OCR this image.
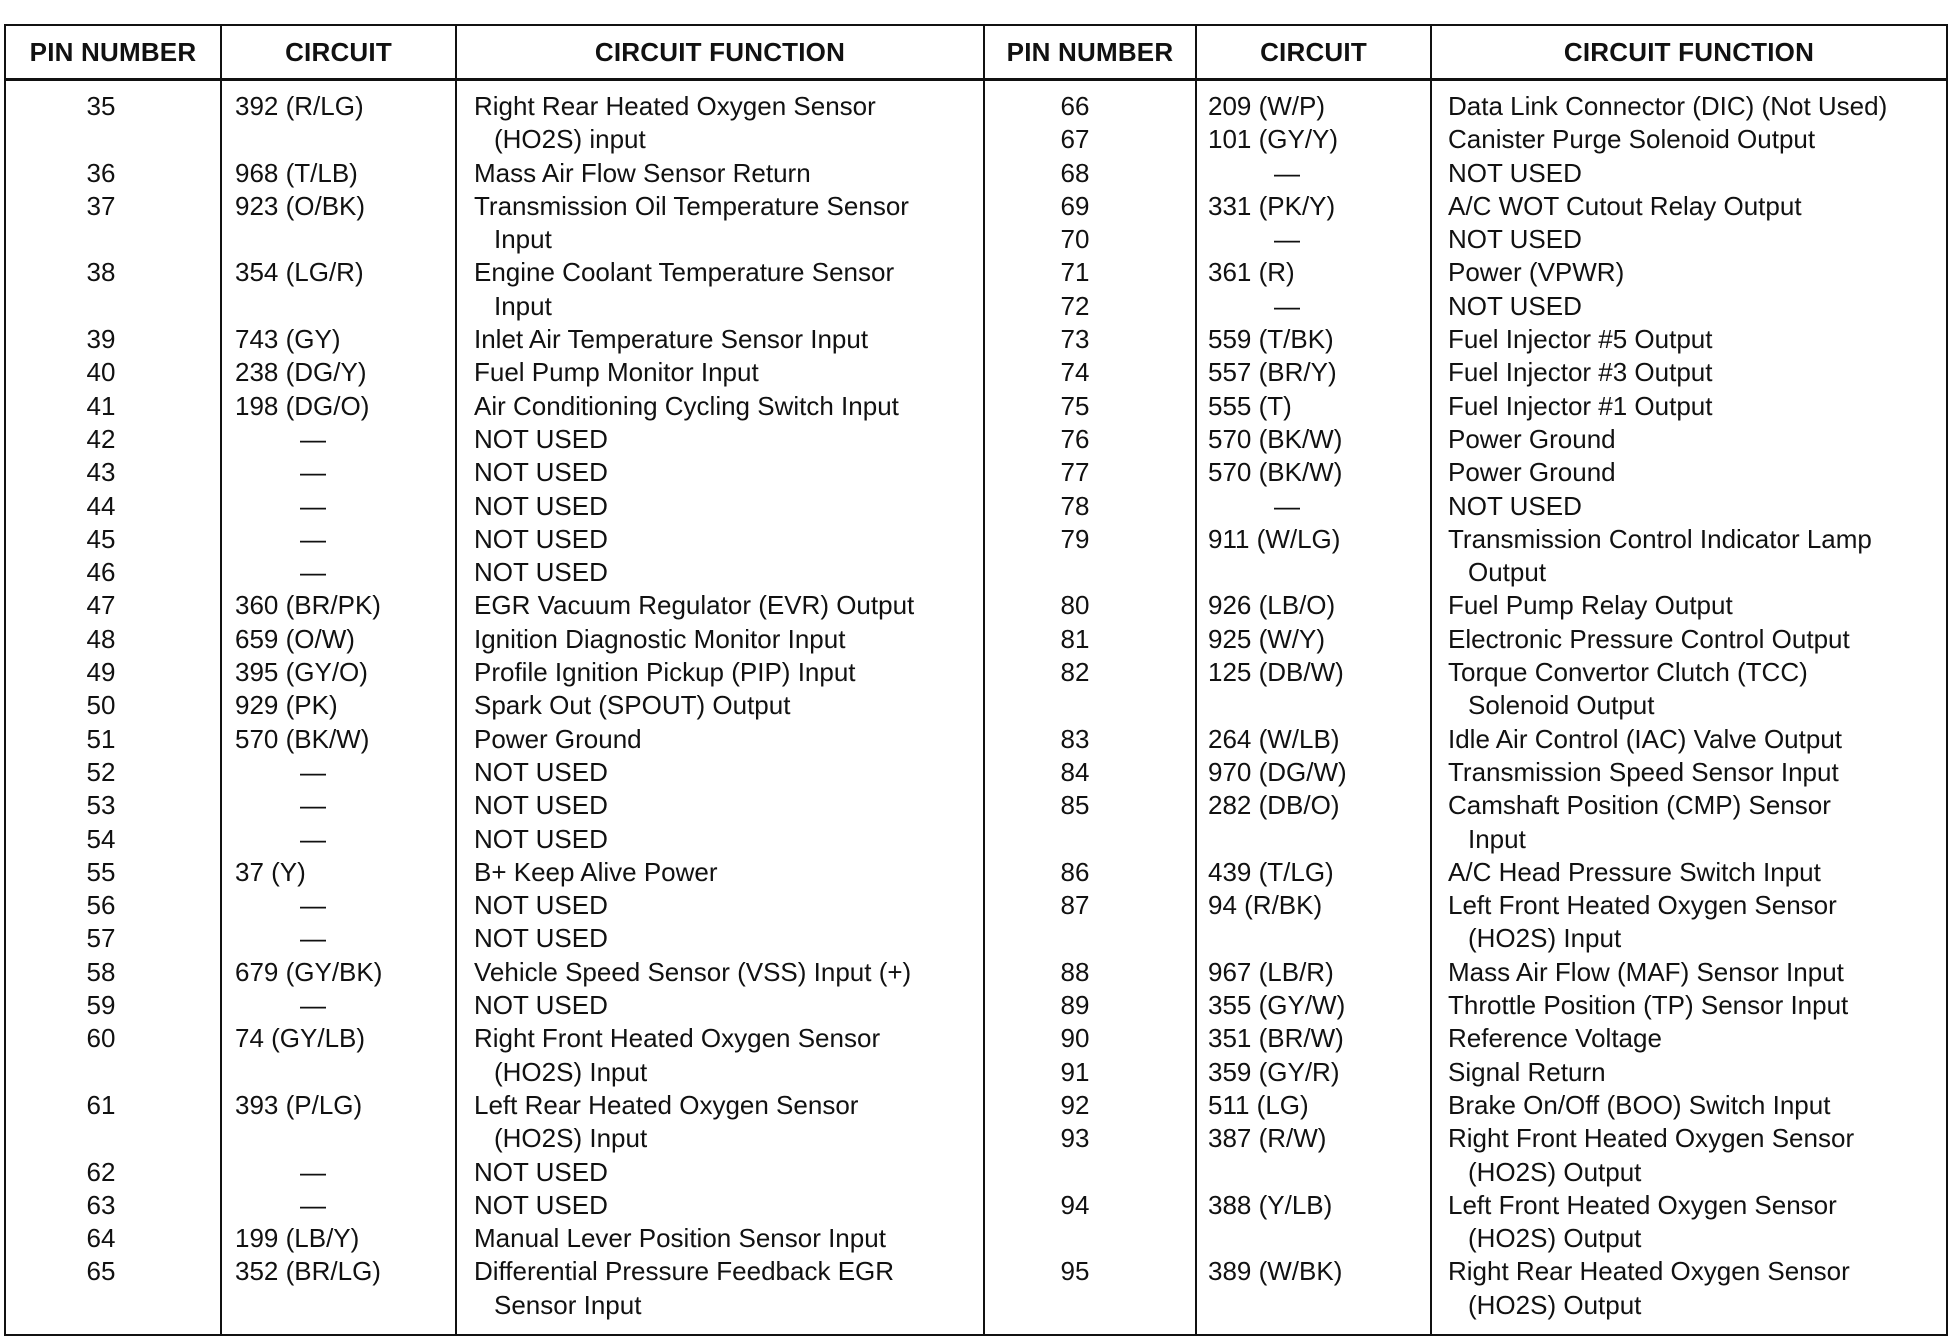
PIN NUMBER	CIRCUIT	CIRCUIT FUNCTION	PIN NUMBER	CIRCUIT	CIRCUIT FUNCTION
35	392 (R/LG)	Right Rear Heated Oxygen Sensor
(HO2S) input
36	968 (T/LB)	Mass Air Flow Sensor Return
37	923 (O/BK)	Transmission Oil Temperature Sensor
Input
38	354 (LG/R)	Engine Coolant Temperature Sensor
Input
39	743 (GY)	Inlet Air Temperature Sensor Input
40	238 (DG/Y)	Fuel Pump Monitor Input
41	198 (DG/O)	Air Conditioning Cycling Switch Input
42	—	NOT USED
43	—	NOT USED
44	—	NOT USED
45	—	NOT USED
46	—	NOT USED
47	360 (BR/PK)	EGR Vacuum Regulator (EVR) Output
48	659 (O/W)	Ignition Diagnostic Monitor Input
49	395 (GY/O)	Profile Ignition Pickup (PIP) Input
50	929 (PK)	Spark Out (SPOUT) Output
51	570 (BK/W)	Power Ground
52	—	NOT USED
53	—	NOT USED
54	—	NOT USED
55	37 (Y)	B+ Keep Alive Power
56	—	NOT USED
57	—	NOT USED
58	679 (GY/BK)	Vehicle Speed Sensor (VSS) Input (+)
59	—	NOT USED
60	74 (GY/LB)	Right Front Heated Oxygen Sensor
(HO2S) Input
61	393 (P/LG)	Left Rear Heated Oxygen Sensor
(HO2S) Input
62	—	NOT USED
63	—	NOT USED
64	199 (LB/Y)	Manual Lever Position Sensor Input
65	352 (BR/LG)	Differential Pressure Feedback EGR
Sensor Input
66	209 (W/P)	Data Link Connector (DIC) (Not Used)
67	101 (GY/Y)	Canister Purge Solenoid Output
68	—	NOT USED
69	331 (PK/Y)	A/C WOT Cutout Relay Output
70	—	NOT USED
71	361 (R)	Power (VPWR)
72	—	NOT USED
73	559 (T/BK)	Fuel Injector #5 Output
74	557 (BR/Y)	Fuel Injector #3 Output
75	555 (T)	Fuel Injector #1 Output
76	570 (BK/W)	Power Ground
77	570 (BK/W)	Power Ground
78	—	NOT USED
79	911 (W/LG)	Transmission Control Indicator Lamp
Output
80	926 (LB/O)	Fuel Pump Relay Output
81	925 (W/Y)	Electronic Pressure Control Output
82	125 (DB/W)	Torque Convertor Clutch (TCC)
Solenoid Output
83	264 (W/LB)	Idle Air Control (IAC) Valve Output
84	970 (DG/W)	Transmission Speed Sensor Input
85	282 (DB/O)	Camshaft Position (CMP) Sensor
Input
86	439 (T/LG)	A/C Head Pressure Switch Input
87	94 (R/BK)	Left Front Heated Oxygen Sensor
(HO2S) Input
88	967 (LB/R)	Mass Air Flow (MAF) Sensor Input
89	355 (GY/W)	Throttle Position (TP) Sensor Input
90	351 (BR/W)	Reference Voltage
91	359 (GY/R)	Signal Return
92	511 (LG)	Brake On/Off (BOO) Switch Input
93	387 (R/W)	Right Front Heated Oxygen Sensor
(HO2S) Output
94	388 (Y/LB)	Left Front Heated Oxygen Sensor
(HO2S) Output
95	389 (W/BK)	Right Rear Heated Oxygen Sensor
(HO2S) Output
